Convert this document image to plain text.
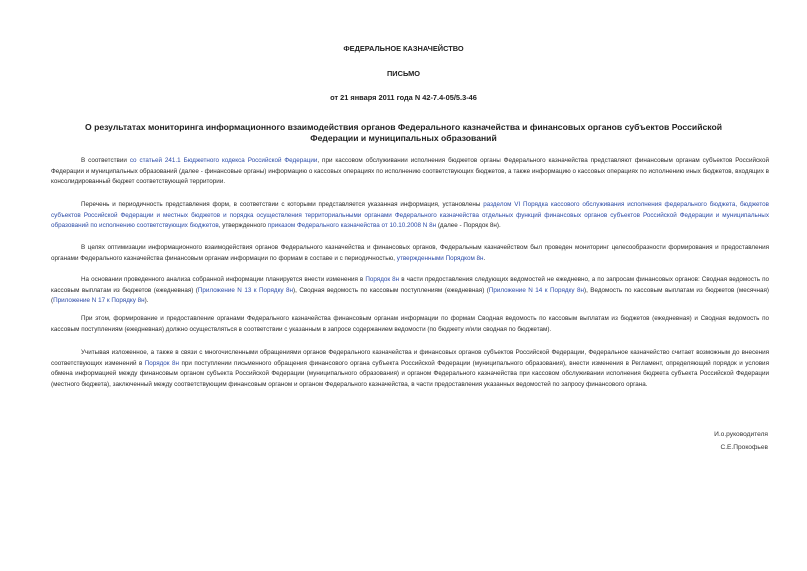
ФЕДЕРАЛЬНОЕ КАЗНАЧЕЙСТВО
ПИСЬМО
от 21 января 2011 года N 42-7.4-05/5.3-46
О результатах мониторинга информационного взаимодействия органов Федерального казначейства и финансовых органов субъектов Российской Федерации и муниципальных образований

В соответствии со статьей 241.1 Бюджетного кодекса Российской Федерации, при кассовом обслуживании исполнения бюджетов органы Федерального казначейства представляют финансовым органам субъектов Российской Федерации и муниципальных образований (далее - финансовые органы) информацию о кассовых операциях по исполнению соответствующих бюджетов, а также информацию о кассовых операциях по исполнению иных бюджетов, входящих в консолидированный бюджет соответствующей территории.

Перечень и периодичность представления форм, в соответствии с которыми представляется указанная информация, установлены разделом VI Порядка кассового обслуживания исполнения федерального бюджета, бюджетов субъектов Российской Федерации и местных бюджетов и порядка осуществления территориальными органами Федерального казначейства отдельных функций финансовых органов субъектов Российской Федерации и муниципальных образований по исполнению соответствующих бюджетов, утвержденного приказом Федерального казначейства от 10.10.2008 N 8н (далее - Порядок 8н).

В целях оптимизации информационного взаимодействия органов Федерального казначейства и финансовых органов, Федеральным казначейством был проведен мониторинг целесообразности формирования и предоставления органами Федерального казначейства финансовым органам информации по формам в составе и с периодичностью, утвержденными Порядком 8н.

На основании проведенного анализа собранной информации планируется внести изменения в Порядок 8н в части предоставления следующих ведомостей не ежедневно, а по запросам финансовых органов: Сводная ведомость по кассовым выплатам из бюджетов (ежедневная) (Приложение N 13 к Порядку 8н), Сводная ведомость по кассовым поступлениям (ежедневная) (Приложение N 14 к Порядку 8н), Ведомость по кассовым выплатам из бюджетов (месячная) (Приложение N 17 к Порядку 8н).

При этом, формирование и предоставление органами Федерального казначейства финансовым органам информации по формам Сводная ведомость по кассовым выплатам из бюджетов (ежедневная) и Сводная ведомость по кассовым поступлениям (ежедневная) должно осуществляться в соответствии с указанным в запросе содержанием ведомости (по бюджету и/или сводная по бюджетам).

Учитывая изложенное, а также в связи с многочисленными обращениями органов Федерального казначейства и финансовых органов субъектов Российской Федерации, Федеральное казначейство считает возможным до внесения соответствующих изменений в Порядок 8н при поступлении письменного обращения финансового органа субъекта Российской Федерации (муниципального образования), внести изменения в Регламент, определяющий порядок и условия обмена информацией между финансовым органом субъекта Российской Федерации (муниципального образования) и органом Федерального казначейства при кассовом обслуживании исполнения бюджета субъекта Российской Федерации (местного бюджета), заключенный между соответствующим финансовым органом и органом Федерального казначейства, в части предоставления указанных ведомостей по запросу финансового органа.

И.о.руководителя
С.Е.Прокофьев
